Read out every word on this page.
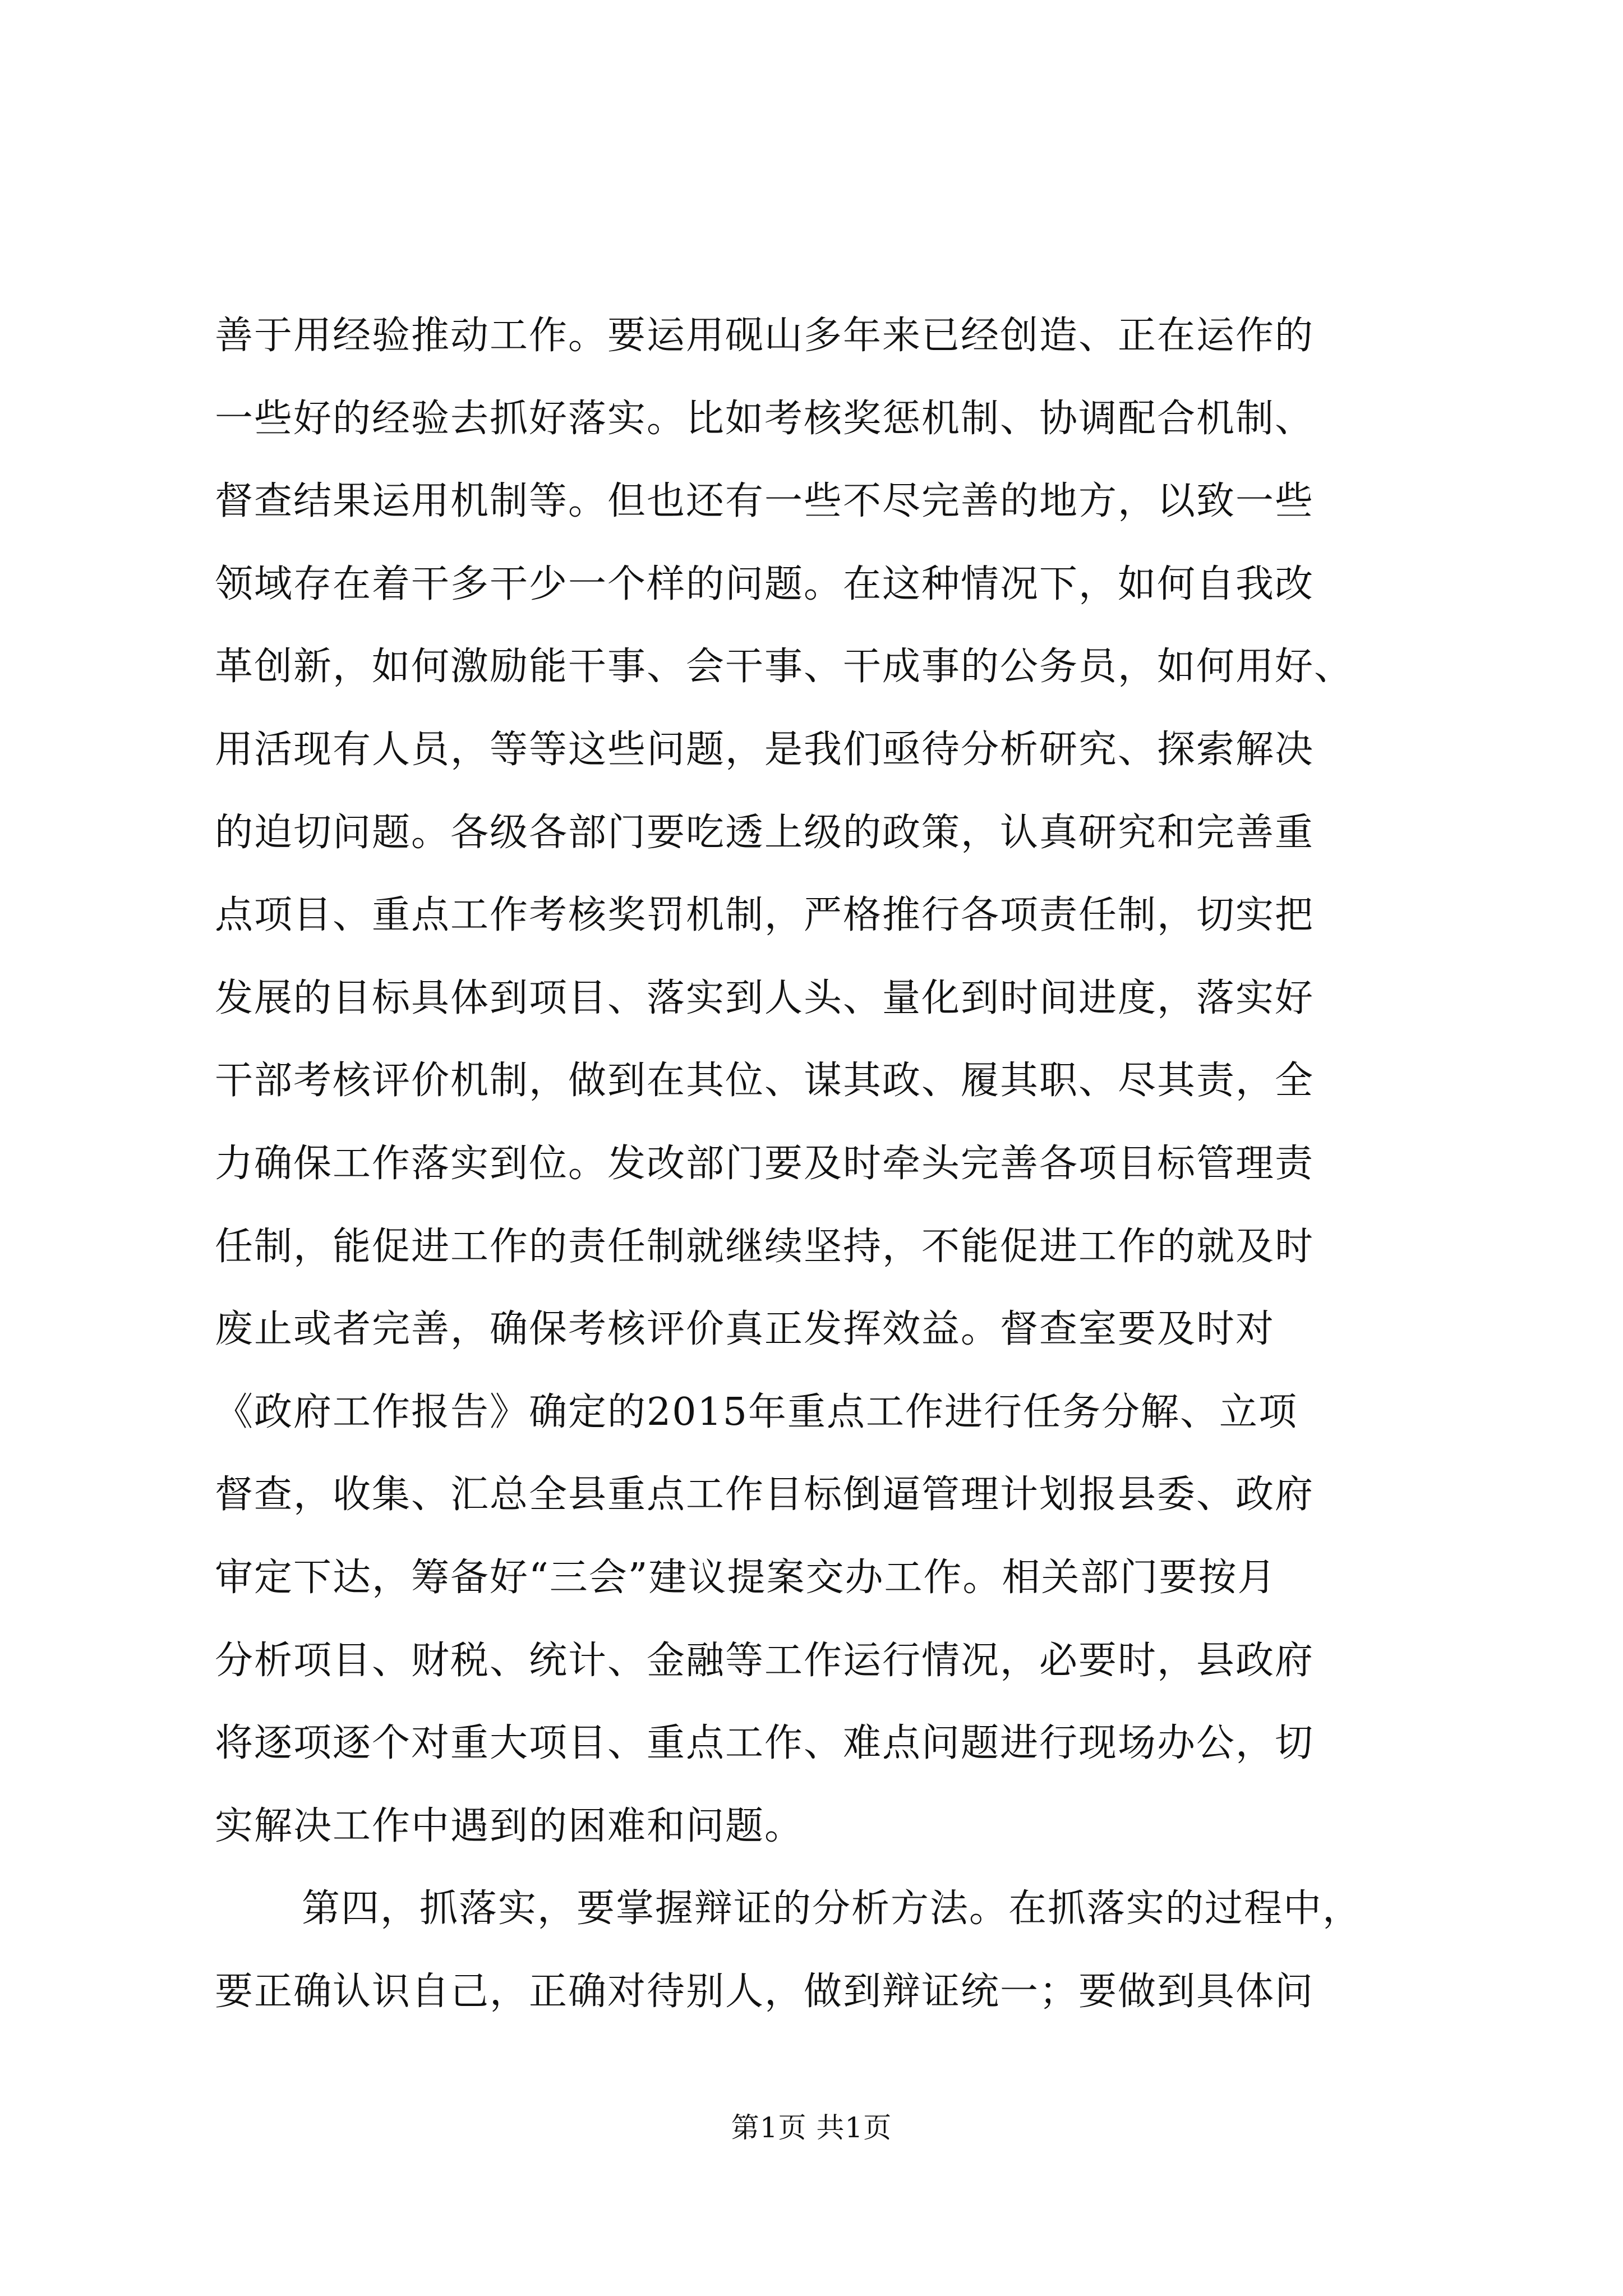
善于用经验推动工作。要运用砚山多年来已经创造、正在运作的
一些好的经验去抓好落实。比如考核奖惩机制、协调配合机制、
督查结果运用机制等。但也还有一些不尽完善的地方，以致一些
领域存在着干多干少一个样的问题。在这种情况下，如何自我改
革创新，如何激励能干事、会干事、干成事的公务员，如何用好、
用活现有人员，等等这些问题，是我们亟待分析研究、探索解决
的迫切问题。各级各部门要吃透上级的政策，认真研究和完善重
点项目、重点工作考核奖罚机制，严格推行各项责任制，切实把
发展的目标具体到项目、落实到人头、量化到时间进度，落实好
干部考核评价机制，做到在其位、谋其政、履其职、尽其责，全
力确保工作落实到位。发改部门要及时牵头完善各项目标管理责
任制，能促进工作的责任制就继续坚持，不能促进工作的就及时
废止或者完善，确保考核评价真正发挥效益。督查室要及时对
《政府工作报告》确定的2015年重点工作进行任务分解、立项
督查，收集、汇总全县重点工作目标倒逼管理计划报县委、政府
审定下达，筹备好“三会”建议提案交办工作。相关部门要按月
分析项目、财税、统计、金融等工作运行情况，必要时，县政府
将逐项逐个对重大项目、重点工作、难点问题进行现场办公，切
实解决工作中遇到的困难和问题。
第四，抓落实，要掌握辩证的分析方法。在抓落实的过程中，
要正确认识自己，正确对待别人，做到辩证统一；要做到具体问
第1页 共1页
